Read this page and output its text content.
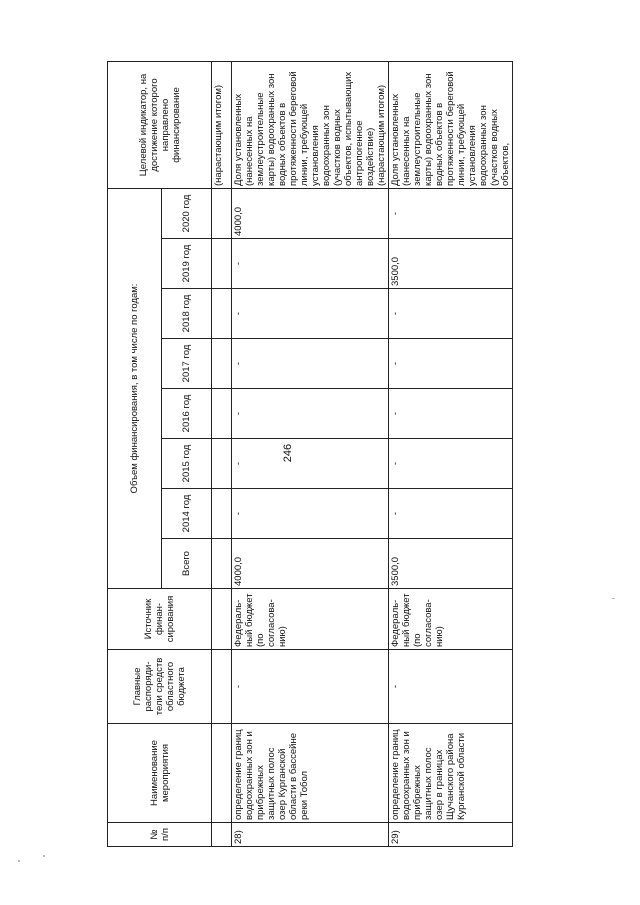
246
№ п/п	Наименование мероприятия	Главные распоряди-тели средств областного бюджета	Источник финан-сирования	Объем финансирования, в том числе по годам:								Целевой индикатор, на достижение которого направлено финансирование
				Всего	2014 год	2015 год	2016 год	2017 год	2018 год	2019 год	2020 год	
												(нарастающим итогом)
28)	определение границ водоохранных зон и прибрежных защитных полос озер Курганской области в бассейне реки Тобол	-	Федераль-ный бюджет (по согласова-нию)	4000,0	-	-	-	-	-	-	4000,0	Доля установленных (нанесенных на землеустроительные карты) водоохранных зон водных объектов в протяженности береговой линии, требующей установления водоохранных зон (участков водных объектов, испытывающих антропогенное воздействие) (нарастающим итогом)
29)	определение границ водоохранных зон и прибрежных защитных полос озер в границах Щучанского района Курганской области	-	Федераль-ный бюджет (по согласова-нию)	3500,0	-	-	-	-	-	3500,0	-	Доля установленных (нанесенных на землеустроительные карты) водоохранных зон водных объектов в протяженности береговой линии, требующей установления водоохранных зон (участков водных объектов,
